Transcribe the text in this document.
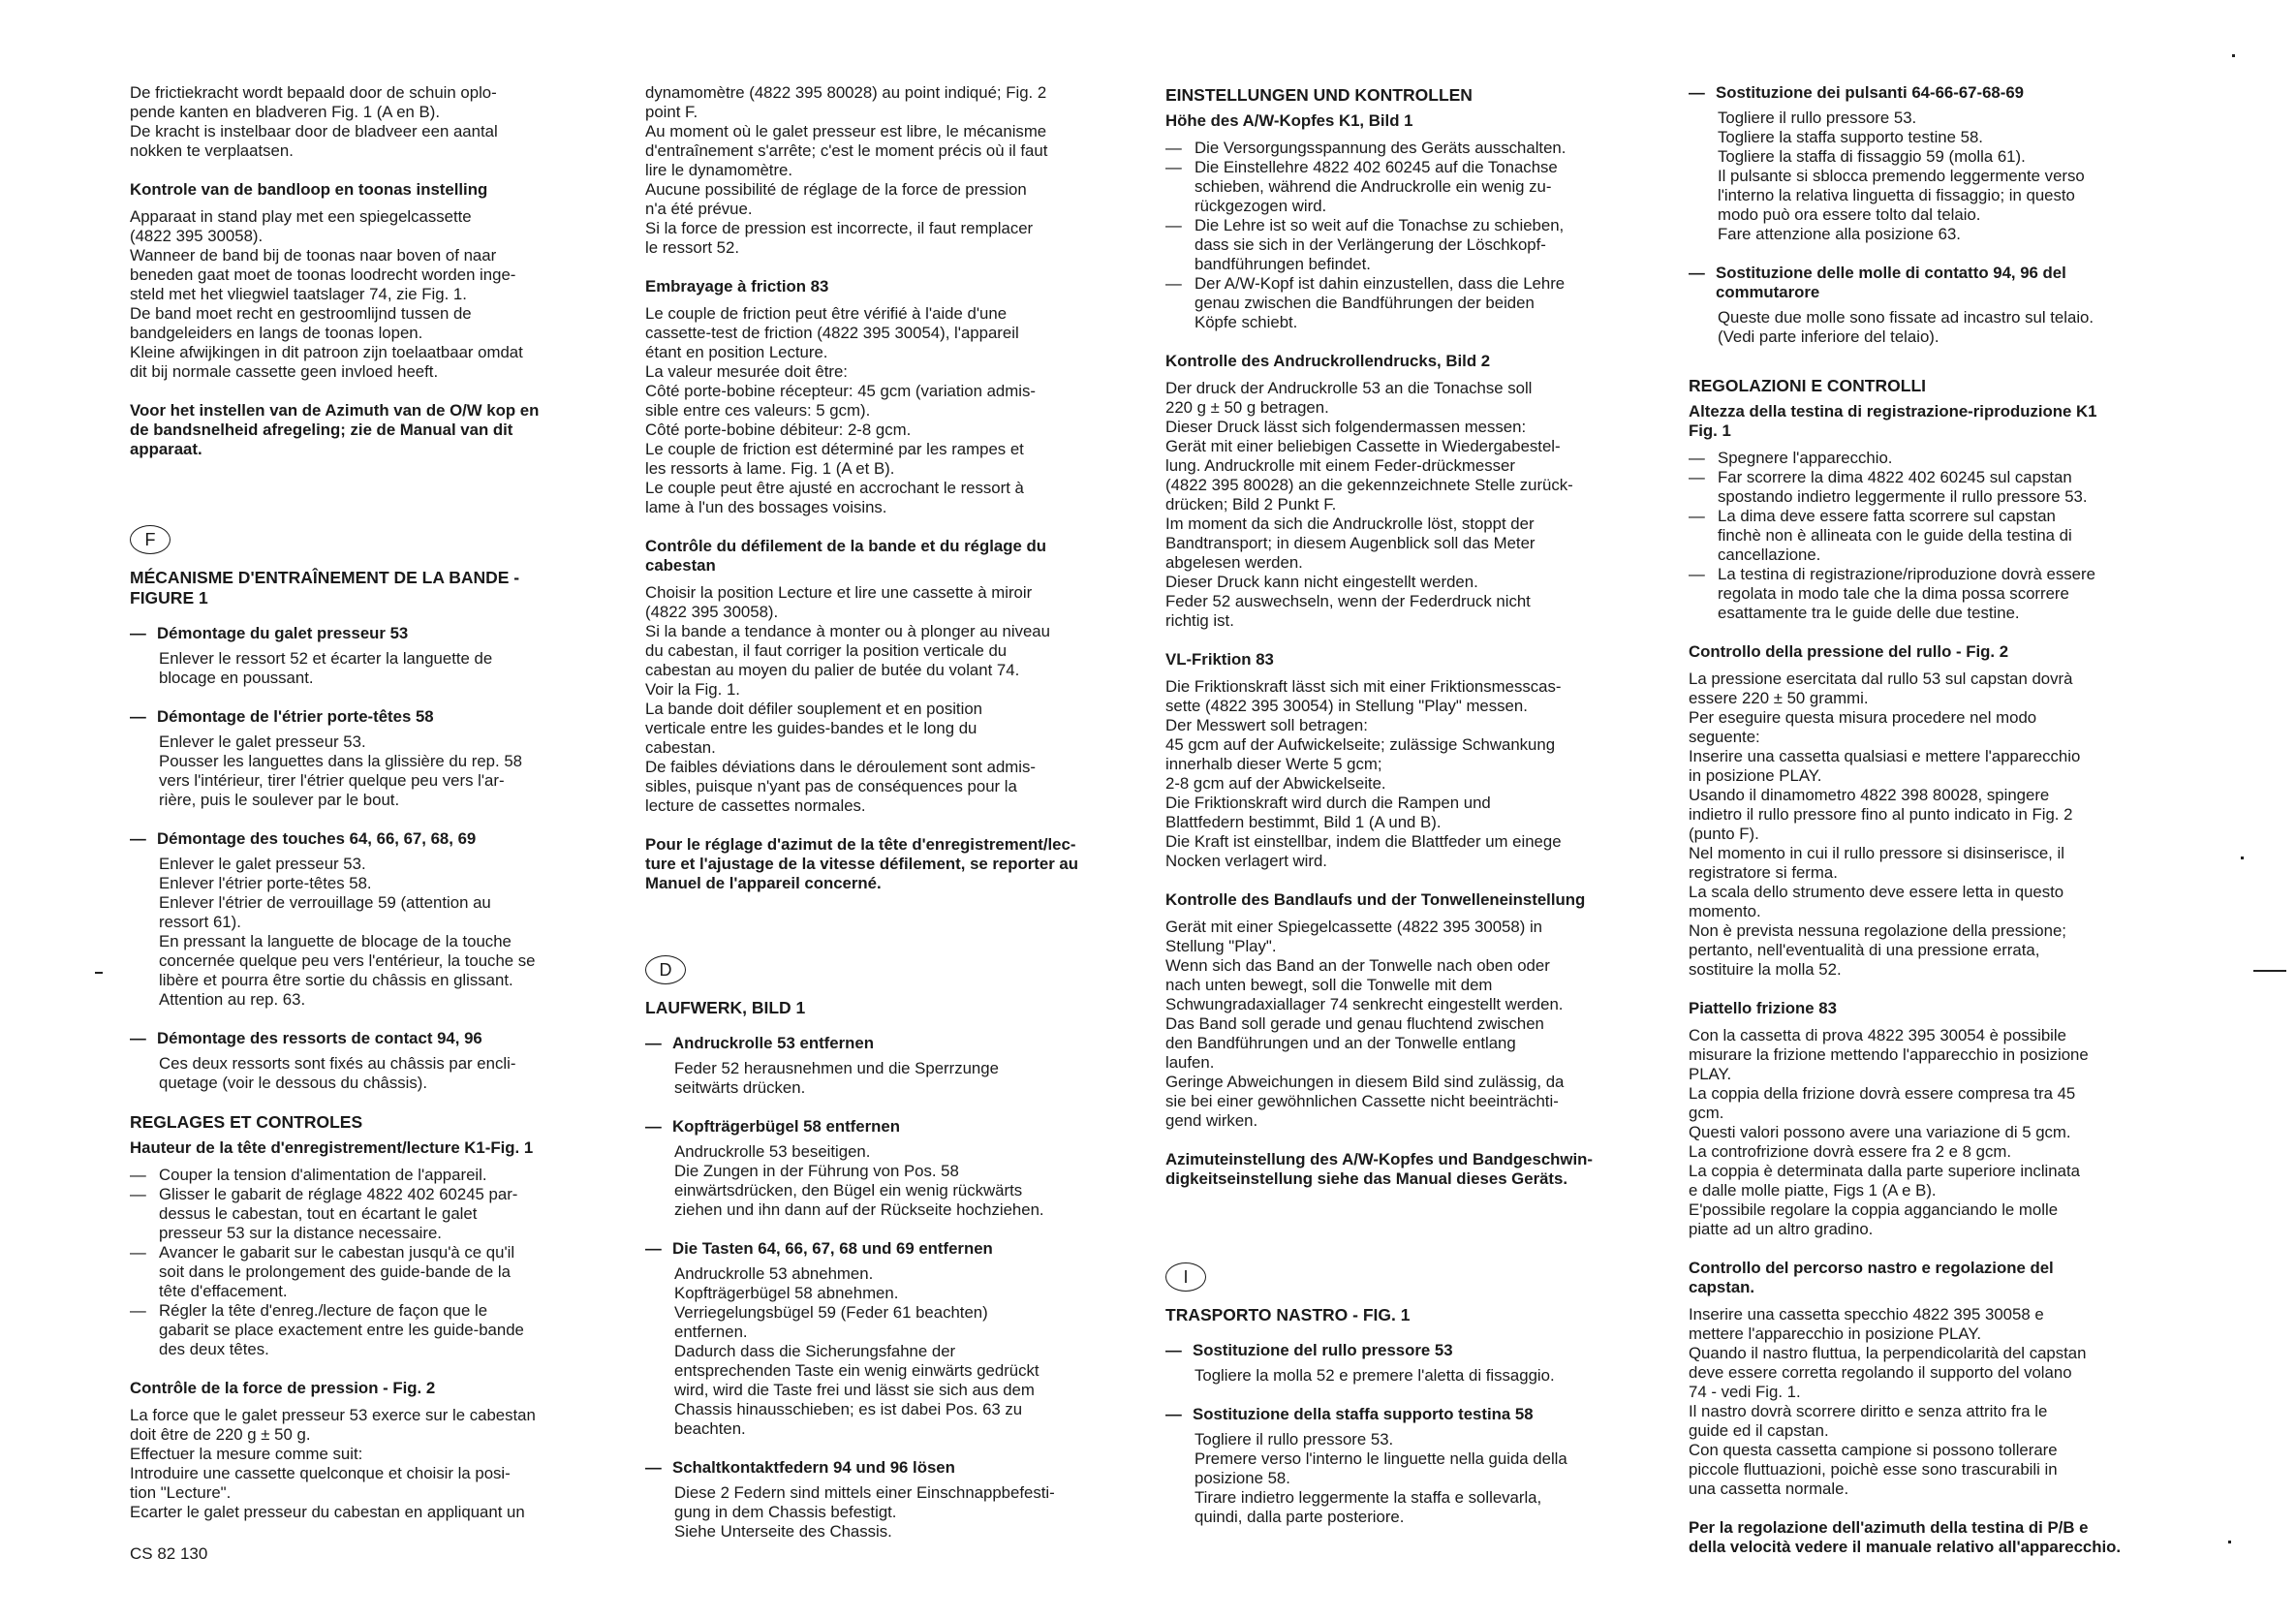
De frictiekracht wordt bepaald door de schuin oplo-
pende kanten en bladveren Fig. 1 (A en B).
De kracht is instelbaar door de bladveer een aantal
nokken te verplaatsen.

Kontrole van de bandloop en toonas instelling

Apparaat in stand play met een spiegelcassette
(4822 395 30058).
Wanneer de band bij de toonas naar boven of naar
beneden gaat moet de toonas loodrecht worden inge-
steld met het vliegwiel taatslager 74, zie Fig. 1.
De band moet recht en gestroomlijnd tussen de
bandgeleiders en langs de toonas lopen.
Kleine afwijkingen in dit patroon zijn toelaatbaar omdat
dit bij normale cassette geen invloed heeft.

Voor het instellen van de Azimuth van de O/W kop en
de bandsnelheid afregeling; zie de Manual van dit
apparaat.

F
MÉCANISME D'ENTRAÎNEMENT DE LA BANDE -
FIGURE 1
— Démontage du galet presseur 53
Enlever le ressort 52 et écarter la languette de
blocage en poussant.
— Démontage de l'étrier porte-têtes 58
Enlever le galet presseur 53.
Pousser les languettes dans la glissière du rep. 58
vers l'intérieur, tirer l'étrier quelque peu vers l'ar-
rière, puis le soulever par le bout.
— Démontage des touches 64, 66, 67, 68, 69
Enlever le galet presseur 53.
Enlever l'étrier porte-têtes 58.
Enlever l'étrier de verrouillage 59 (attention au
ressort 61).
En pressant la languette de blocage de la touche
concernée quelque peu vers l'entérieur, la touche se
libère et pourra être sortie du châssis en glissant.
Attention au rep. 63.
— Démontage des ressorts de contact 94, 96
Ces deux ressorts sont fixés au châssis par encli-
quetage (voir le dessous du châssis).
REGLAGES ET CONTROLES
Hauteur de la tête d'enregistrement/lecture K1-Fig. 1
— Couper la tension d'alimentation de l'appareil.
— Glisser le gabarit de réglage 4822 402 60245 par-
dessus le cabestan, tout en écartant le galet
presseur 53 sur la distance necessaire.
— Avancer le gabarit sur le cabestan jusqu'à ce qu'il
soit dans le prolongement des guide-bande de la
tête d'effacement.
— Régler la tête d'enreg./lecture de façon que le
gabarit se place exactement entre les guide-bande
des deux têtes.
Contrôle de la force de pression - Fig. 2

La force que le galet presseur 53 exerce sur le cabestan
doit être de 220 g ± 50 g.
Effectuer la mesure comme suit:
Introduire une cassette quelconque et choisir la posi-
tion "Lecture".
Ecarter le galet presseur du cabestan en appliquant un

dynamomètre (4822 395 80028) au point indiqué; Fig. 2
point F.
Au moment où le galet presseur est libre, le mécanisme
d'entraînement s'arrête; c'est le moment précis où il faut
lire le dynamomètre.
Aucune possibilité de réglage de la force de pression
n'a été prévue.
Si la force de pression est incorrecte, il faut remplacer
le ressort 52.

Embrayage à friction 83

Le couple de friction peut être vérifié à l'aide d'une
cassette-test de friction (4822 395 30054), l'appareil
étant en position Lecture.
La valeur mesurée doit être:
Côté porte-bobine récepteur: 45 gcm (variation admis-
sible entre ces valeurs: 5 gcm).
Côté porte-bobine débiteur: 2-8 gcm.
Le couple de friction est déterminé par les rampes et
les ressorts à lame. Fig. 1 (A et B).
Le couple peut être ajusté en accrochant le ressort à
lame à l'un des bossages voisins.

Contrôle du défilement de la bande et du réglage du
cabestan

Choisir la position Lecture et lire une cassette à miroir
(4822 395 30058).
Si la bande a tendance à monter ou à plonger au niveau
du cabestan, il faut corriger la position verticale du
cabestan au moyen du palier de butée du volant 74.
Voir la Fig. 1.
La bande doit défiler souplement et en position
verticale entre les guides-bandes et le long du
cabestan.
De faibles déviations dans le déroulement sont admis-
sibles, puisque n'yant pas de conséquences pour la
lecture de cassettes normales.

Pour le réglage d'azimut de la tête d'enregistrement/lec-
ture et l'ajustage de la vitesse défilement, se reporter au
Manuel de l'appareil concerné.

D
LAUFWERK, BILD 1
— Andruckrolle 53 entfernen
Feder 52 herausnehmen und die Sperrzunge
seitwärts drücken.
— Kopfträgerbügel 58 entfernen
Andruckrolle 53 beseitigen.
Die Zungen in der Führung von Pos. 58
einwärtsdrücken, den Bügel ein wenig rückwärts
ziehen und ihn dann auf der Rückseite hochziehen.
— Die Tasten 64, 66, 67, 68 und 69 entfernen
Andruckrolle 53 abnehmen.
Kopfträgerbügel 58 abnehmen.
Verriegelungsbügel 59 (Feder 61 beachten)
entfernen.
Dadurch dass die Sicherungsfahne der
entsprechenden Taste ein wenig einwärts gedrückt
wird, wird die Taste frei und lässt sie sich aus dem
Chassis hinausschieben; es ist dabei Pos. 63 zu
beachten.
— Schaltkontaktfedern 94 und 96 lösen
Diese 2 Federn sind mittels einer Einschnappbefesti-
gung in dem Chassis befestigt.
Siehe Unterseite des Chassis.
EINSTELLUNGEN UND KONTROLLEN
Höhe des A/W-Kopfes K1, Bild 1
— Die Versorgungsspannung des Geräts ausschalten.
— Die Einstellehre 4822 402 60245 auf die Tonachse
schieben, während die Andruckrolle ein wenig zu-
rückgezogen wird.
— Die Lehre ist so weit auf die Tonachse zu schieben,
dass sie sich in der Verlängerung der Löschkopf-
bandführungen befindet.
— Der A/W-Kopf ist dahin einzustellen, dass die Lehre
genau zwischen die Bandführungen der beiden
Köpfe schiebt.
Kontrolle des Andruckrollendrucks, Bild 2

Der druck der Andruckrolle 53 an die Tonachse soll
220 g ± 50 g betragen.
Dieser Druck lässt sich folgendermassen messen:
Gerät mit einer beliebigen Cassette in Wiedergabestel-
lung. Andruckrolle mit einem Feder-drückmesser
(4822 395 80028) an die gekennzeichnete Stelle zurück-
drücken; Bild 2 Punkt F.
Im moment da sich die Andruckrolle löst, stoppt der
Bandtransport; in diesem Augenblick soll das Meter
abgelesen werden.
Dieser Druck kann nicht eingestellt werden.
Feder 52 auswechseln, wenn der Federdruck nicht
richtig ist.

VL-Friktion 83

Die Friktionskraft lässt sich mit einer Friktionsmesscas-
sette (4822 395 30054) in Stellung "Play" messen.
Der Messwert soll betragen:
45 gcm auf der Aufwickelseite; zulässige Schwankung
innerhalb dieser Werte 5 gcm;
2-8 gcm auf der Abwickelseite.
Die Friktionskraft wird durch die Rampen und
Blattfedern bestimmt, Bild 1 (A und B).
Die Kraft ist einstellbar, indem die Blattfeder um einege
Nocken verlagert wird.

Kontrolle des Bandlaufs und der Tonwelleneinstellung

Gerät mit einer Spiegelcassette (4822 395 30058) in
Stellung "Play".
Wenn sich das Band an der Tonwelle nach oben oder
nach unten bewegt, soll die Tonwelle mit dem
Schwungradaxiallager 74 senkrecht eingestellt werden.
Das Band soll gerade und genau fluchtend zwischen
den Bandführungen und an der Tonwelle entlang
laufen.
Geringe Abweichungen in diesem Bild sind zulässig, da
sie bei einer gewöhnlichen Cassette nicht beeinträchti-
gend wirken.

Azimuteinstellung des A/W-Kopfes und Bandgeschwin-
digkeitseinstellung siehe das Manual dieses Geräts.

I
TRASPORTO NASTRO - FIG. 1
— Sostituzione del rullo pressore 53
Togliere la molla 52 e premere l'aletta di fissaggio.
— Sostituzione della staffa supporto testina 58
Togliere il rullo pressore 53.
Premere verso l'interno le linguette nella guida della
posizione 58.
Tirare indietro leggermente la staffa e sollevarla,
quindi, dalla parte posteriore.
— Sostituzione dei pulsanti 64-66-67-68-69
Togliere il rullo pressore 53.
Togliere la staffa supporto testine 58.
Togliere la staffa di fissaggio 59 (molla 61).
Il pulsante si sblocca premendo leggermente verso
l'interno la relativa linguetta di fissaggio; in questo
modo può ora essere tolto dal telaio.
Fare attenzione alla posizione 63.
— Sostituzione delle molle di contatto 94, 96 del commutarore
Queste due molle sono fissate ad incastro sul telaio.
(Vedi parte inferiore del telaio).
REGOLAZIONI E CONTROLLI
Altezza della testina di registrazione-riproduzione K1
Fig. 1
— Spegnere l'apparecchio.
— Far scorrere la dima 4822 402 60245 sul capstan
spostando indietro leggermente il rullo pressore 53.
— La dima deve essere fatta scorrere sul capstan
finchè non è allineata con le guide della testina di
cancellazione.
— La testina di registrazione/riproduzione dovrà essere
regolata in modo tale che la dima possa scorrere
esattamente tra le guide delle due testine.
Controllo della pressione del rullo - Fig. 2

La pressione esercitata dal rullo 53 sul capstan dovrà
essere 220 ± 50 grammi.
Per eseguire questa misura procedere nel modo
seguente:
Inserire una cassetta qualsiasi e mettere l'apparecchio
in posizione PLAY.
Usando il dinamometro 4822 398 80028, spingere
indietro il rullo pressore fino al punto indicato in Fig. 2
(punto F).
Nel momento in cui il rullo pressore si disinserisce, il
registratore si ferma.
La scala dello strumento deve essere letta in questo
momento.
Non è prevista nessuna regolazione della pressione;
pertanto, nell'eventualità di una pressione errata,
sostituire la molla 52.

Piattello frizione 83

Con la cassetta di prova 4822 395 30054 è possibile
misurare la frizione mettendo l'apparecchio in posizione
PLAY.
La coppia della frizione dovrà essere compresa tra 45
gcm.
Questi valori possono avere una variazione di 5 gcm.
La controfrizione dovrà essere fra 2 e 8 gcm.
La coppia è determinata dalla parte superiore inclinata
e dalle molle piatte, Figs 1 (A e B).
E'possibile regolare la coppia agganciando le molle
piatte ad un altro gradino.

Controllo del percorso nastro e regolazione del
capstan.

Inserire una cassetta specchio 4822 395 30058 e
mettere l'apparecchio in posizione PLAY.
Quando il nastro fluttua, la perpendicolarità del capstan
deve essere corretta regolando il supporto del volano
74 - vedi Fig. 1.
Il nastro dovrà scorrere diritto e senza attrito fra le
guide ed il capstan.
Con questa cassetta campione si possono tollerare
piccole fluttuazioni, poichè esse sono trascurabili in
una cassetta normale.

Per la regolazione dell'azimuth della testina di P/B e
della velocità vedere il manuale relativo all'apparecchio.

CS 82 130
